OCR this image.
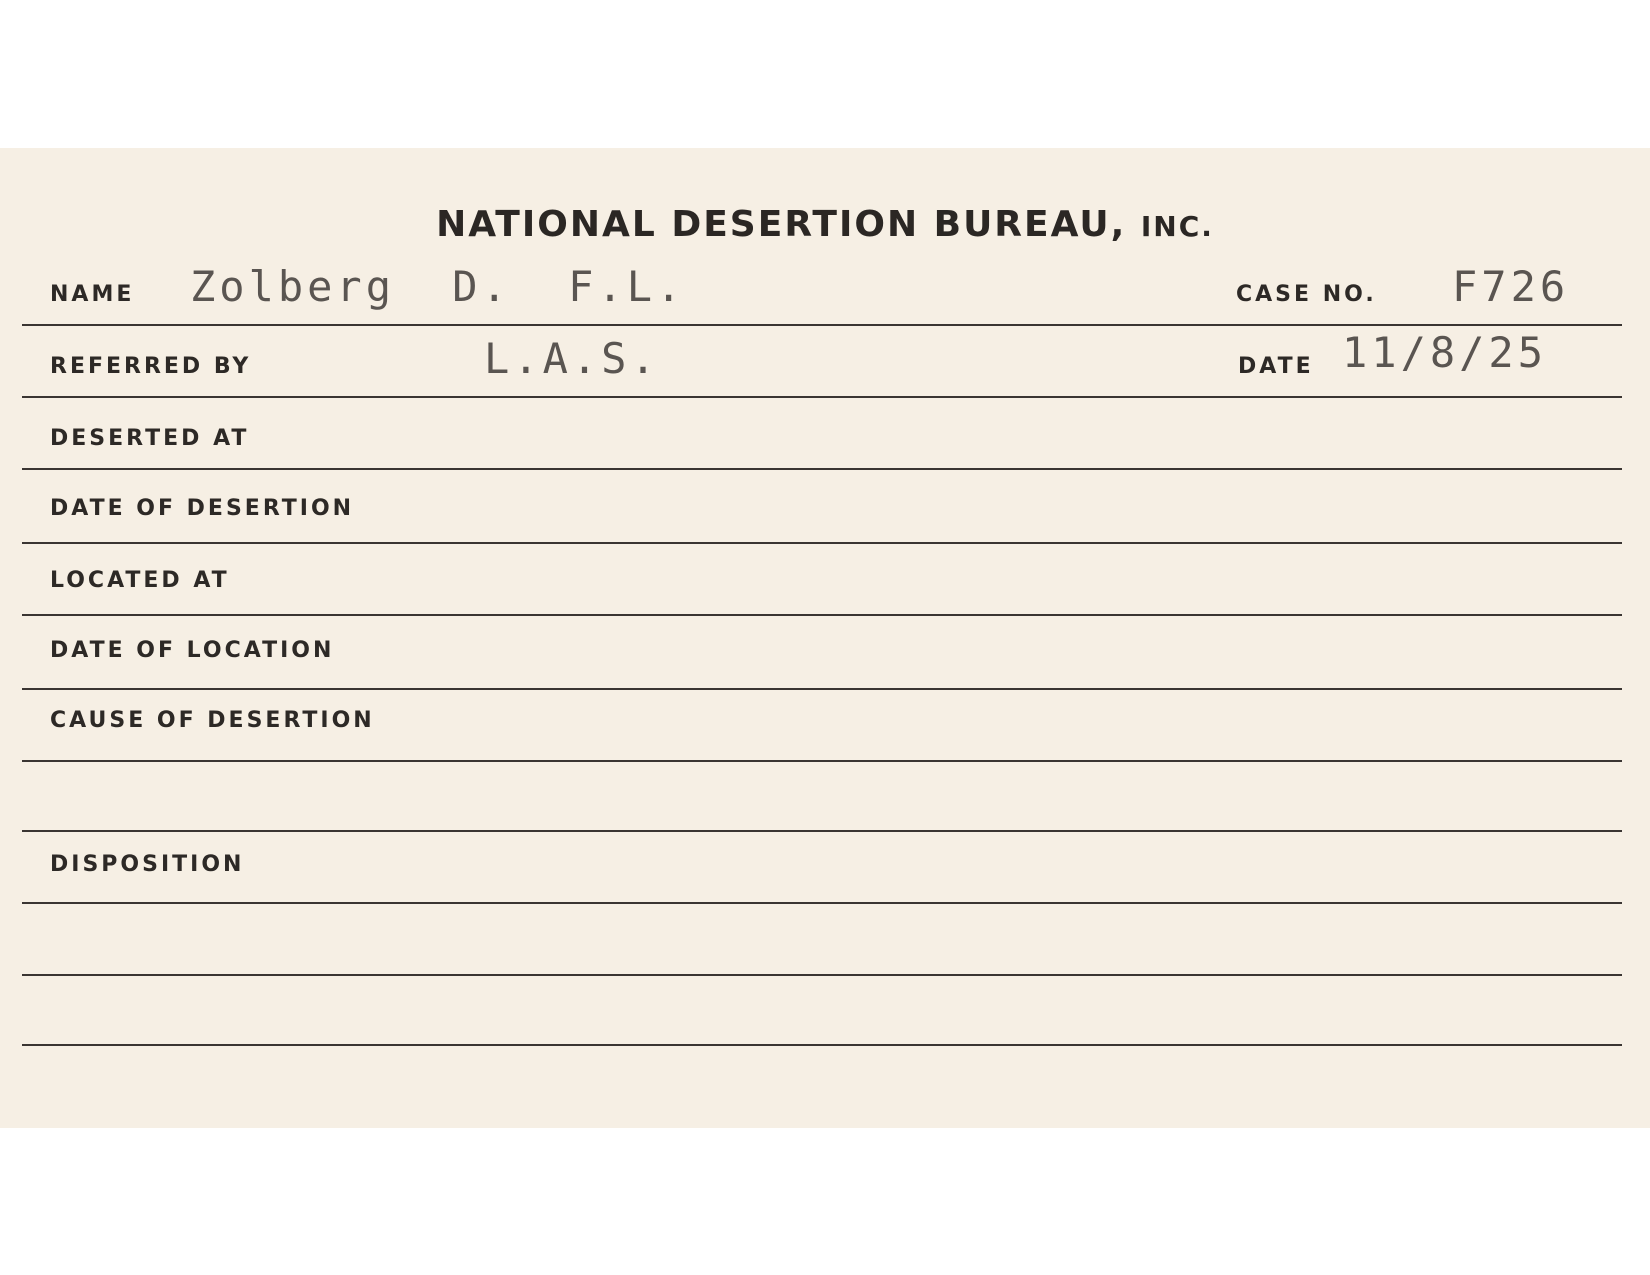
NATIONAL DESERTION BUREAU, INC.
NAME Zolberg D. F.L.	CASE NO. F726
REFERRED BY	L.A.S.	DATE 11/8/25
DESERTED AT
DATE OF DESERTION
LOCATED AT
DATE OF LOCATION
CAUSE OF DESERTION
DISPOSITION
